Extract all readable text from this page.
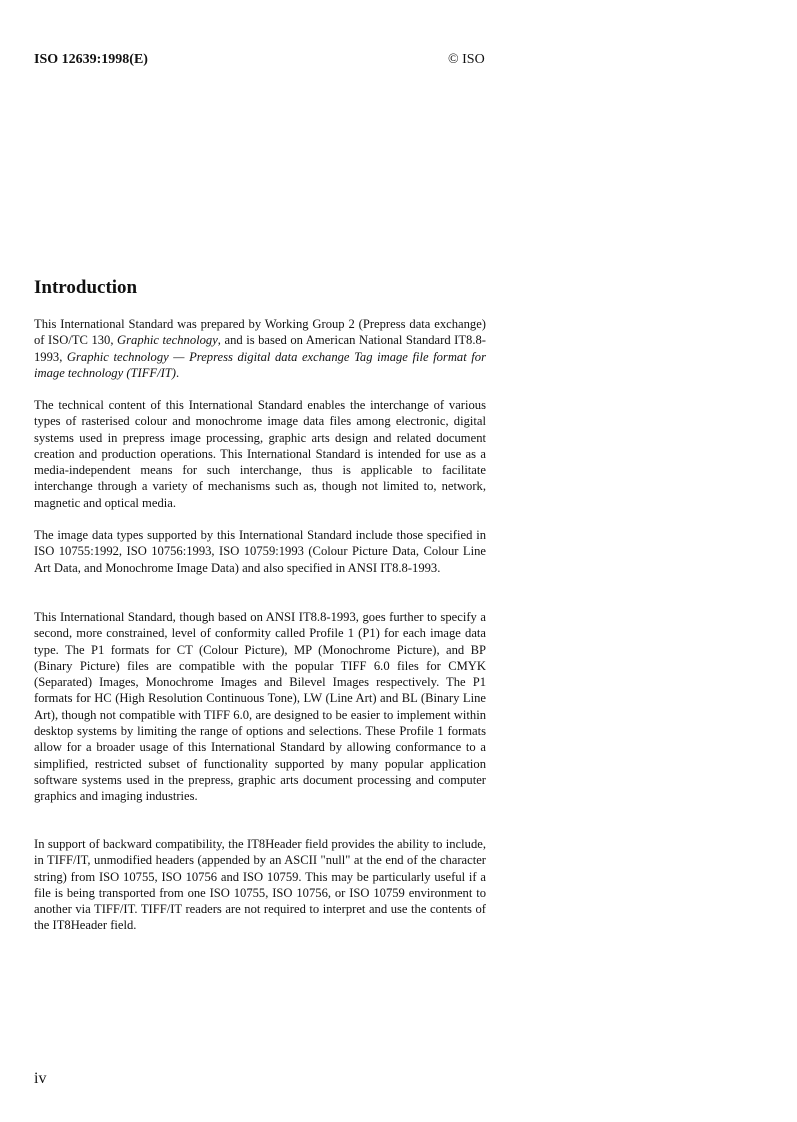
ISO 12639:1998(E)	© ISO
Introduction

This International Standard was prepared by Working Group 2 (Prepress data exchange) of ISO/TC 130, Graphic technology, and is based on American National Standard IT8.8-1993, Graphic technology — Prepress digital data exchange Tag image file format for image technology (TIFF/IT).

The technical content of this International Standard enables the interchange of various types of rasterised colour and monochrome image data files among electronic, digital systems used in prepress image processing, graphic arts design and related document creation and production operations. This International Standard is intended for use as a media-independent means for such interchange, thus is applicable to facilitate interchange through a variety of mechanisms such as, though not limited to, network, magnetic and optical media.

The image data types supported by this International Standard include those specified in ISO 10755:1992, ISO 10756:1993, ISO 10759:1993 (Colour Picture Data, Colour Line Art Data, and Monochrome Image Data) and also specified in ANSI IT8.8-1993.

This International Standard, though based on ANSI IT8.8-1993, goes further to specify a second, more constrained, level of conformity called Profile 1 (P1) for each image data type. The P1 formats for CT (Colour Picture), MP (Monochrome Picture), and BP (Binary Picture) files are compatible with the popular TIFF 6.0 files for CMYK (Separated) Images, Monochrome Images and Bilevel Images respectively. The P1 formats for HC (High Resolution Continuous Tone), LW (Line Art) and BL (Binary Line Art), though not compatible with TIFF 6.0, are designed to be easier to implement within desktop systems by limiting the range of options and selections. These Profile 1 formats allow for a broader usage of this International Standard by allowing conformance to a simplified, restricted subset of functionality supported by many popular application software systems used in the prepress, graphic arts document processing and computer graphics and imaging industries.

In support of backward compatibility, the IT8Header field provides the ability to include, in TIFF/IT, unmodified headers (appended by an ASCII "null" at the end of the character string) from ISO 10755, ISO 10756 and ISO 10759. This may be particularly useful if a file is being transported from one ISO 10755, ISO 10756, or ISO 10759 environment to another via TIFF/IT. TIFF/IT readers are not required to interpret and use the contents of the IT8Header field.

iv
